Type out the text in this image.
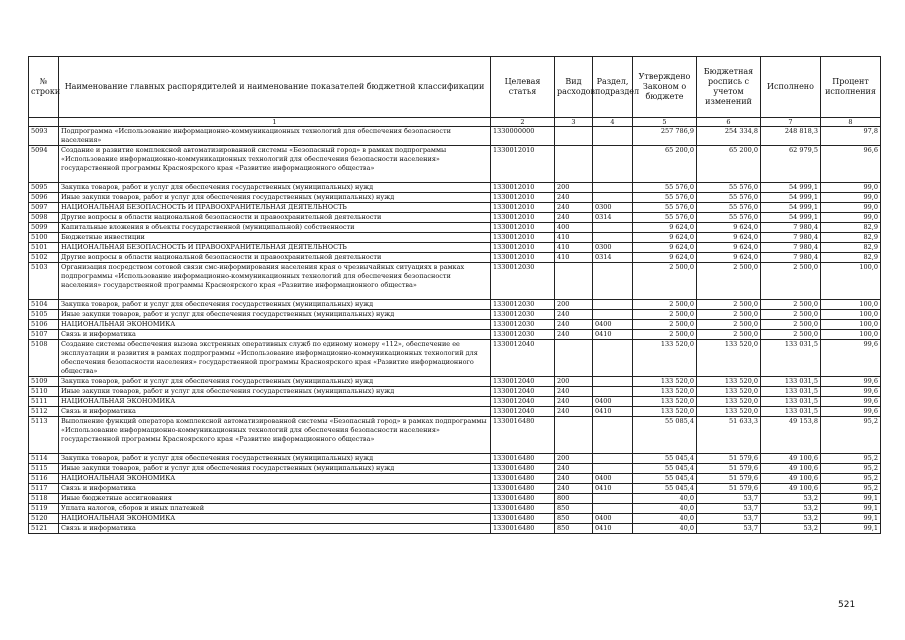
№ строки	Наименование главных распорядителей и наименование показателей бюджетной классификации	Целевая статья	Вид расходов	Раздел, подраздел	Утверждено Законом о бюджете	Бюджетная роспись с учетом изменений	Исполнено	Процент исполнения
	1	2	3	4	5	6	7	8
5093	Подпрограмма «Использование информационно-коммуникационных технологий для обеспечения безопасности населения»	1330000000			257 786,9	254 334,8	248 818,3	97,8
5094	Создание и развитие комплексной автоматизированной системы «Безопасный город» в рамках подпрограммы «Использование информационно-коммуникационных технологий для обеспечения безопасности населения» государственной программы Красноярского края «Развитие информационного общества»	1330012010			65 200,0	65 200,0	62 979,5	96,6
5095	Закупка товаров, работ и услуг для обеспечения государственных (муниципальных) нужд	1330012010	200		55 576,0	55 576,0	54 999,1	99,0
5096	Иные закупки товаров, работ и услуг для обеспечения государственных (муниципальных) нужд	1330012010	240		55 576,0	55 576,0	54 999,1	99,0
5097	НАЦИОНАЛЬНАЯ БЕЗОПАСНОСТЬ И ПРАВООХРАНИТЕЛЬНАЯ ДЕЯТЕЛЬНОСТЬ	1330012010	240	0300	55 576,0	55 576,0	54 999,1	99,0
5098	Другие вопросы в области национальной безопасности и правоохранительной деятельности	1330012010	240	0314	55 576,0	55 576,0	54 999,1	99,0
5099	Капитальные вложения в объекты государственной (муниципальной) собственности	1330012010	400		9 624,0	9 624,0	7 980,4	82,9
5100	Бюджетные инвестиции	1330012010	410		9 624,0	9 624,0	7 980,4	82,9
5101	НАЦИОНАЛЬНАЯ БЕЗОПАСНОСТЬ И ПРАВООХРАНИТЕЛЬНАЯ ДЕЯТЕЛЬНОСТЬ	1330012010	410	0300	9 624,0	9 624,0	7 980,4	82,9
5102	Другие вопросы в области национальной безопасности и правоохранительной деятельности	1330012010	410	0314	9 624,0	9 624,0	7 980,4	82,9
5103	Организация посредством сотовой связи смс-информирования населения края о чрезвычайных ситуациях в рамках подпрограммы «Использование информационно-коммуникационных технологий для обеспечения безопасности населения» государственной программы Красноярского края «Развитие информационного общества»	1330012030			2 500,0	2 500,0	2 500,0	100,0
5104	Закупка товаров, работ и услуг для обеспечения государственных (муниципальных) нужд	1330012030	200		2 500,0	2 500,0	2 500,0	100,0
5105	Иные закупки товаров, работ и услуг для обеспечения государственных (муниципальных) нужд	1330012030	240		2 500,0	2 500,0	2 500,0	100,0
5106	НАЦИОНАЛЬНАЯ ЭКОНОМИКА	1330012030	240	0400	2 500,0	2 500,0	2 500,0	100,0
5107	Связь и информатика	1330012030	240	0410	2 500,0	2 500,0	2 500,0	100,0
5108	Создание системы обеспечения вызова экстренных оперативных служб по единому номеру «112», обеспечение ее эксплуатации и развития в рамках подпрограммы «Использование информационно-коммуникационных технологий для обеспечения безопасности населения» государственной программы Красноярского края «Развитие информационного общества»	1330012040			133 520,0	133 520,0	133 031,5	99,6
5109	Закупка товаров, работ и услуг для обеспечения государственных (муниципальных) нужд	1330012040	200		133 520,0	133 520,0	133 031,5	99,6
5110	Иные закупки товаров, работ и услуг для обеспечения государственных (муниципальных) нужд	1330012040	240		133 520,0	133 520,0	133 031,5	99,6
5111	НАЦИОНАЛЬНАЯ ЭКОНОМИКА	1330012040	240	0400	133 520,0	133 520,0	133 031,5	99,6
5112	Связь и информатика	1330012040	240	0410	133 520,0	133 520,0	133 031,5	99,6
5113	Выполнение функций оператора комплексной автоматизированной системы «Безопасный город» в рамках подпрограммы «Использование информационно-коммуникационных технологий для обеспечения безопасности населения» государственной программы Красноярского края «Развитие информационного общества»	1330016480			55 085,4	51 633,3	49 153,8	95,2
5114	Закупка товаров, работ и услуг для обеспечения государственных (муниципальных) нужд	1330016480	200		55 045,4	51 579,6	49 100,6	95,2
5115	Иные закупки товаров, работ и услуг для обеспечения государственных (муниципальных) нужд	1330016480	240		55 045,4	51 579,6	49 100,6	95,2
5116	НАЦИОНАЛЬНАЯ ЭКОНОМИКА	1330016480	240	0400	55 045,4	51 579,6	49 100,6	95,2
5117	Связь и информатика	1330016480	240	0410	55 045,4	51 579,6	49 100,6	95,2
5118	Иные бюджетные ассигнования	1330016480	800		40,0	53,7	53,2	99,1
5119	Уплата налогов, сборов и иных платежей	1330016480	850		40,0	53,7	53,2	99,1
5120	НАЦИОНАЛЬНАЯ ЭКОНОМИКА	1330016480	850	0400	40,0	53,7	53,2	99,1
5121	Связь и информатика	1330016480	850	0410	40,0	53,7	53,2	99,1
521
